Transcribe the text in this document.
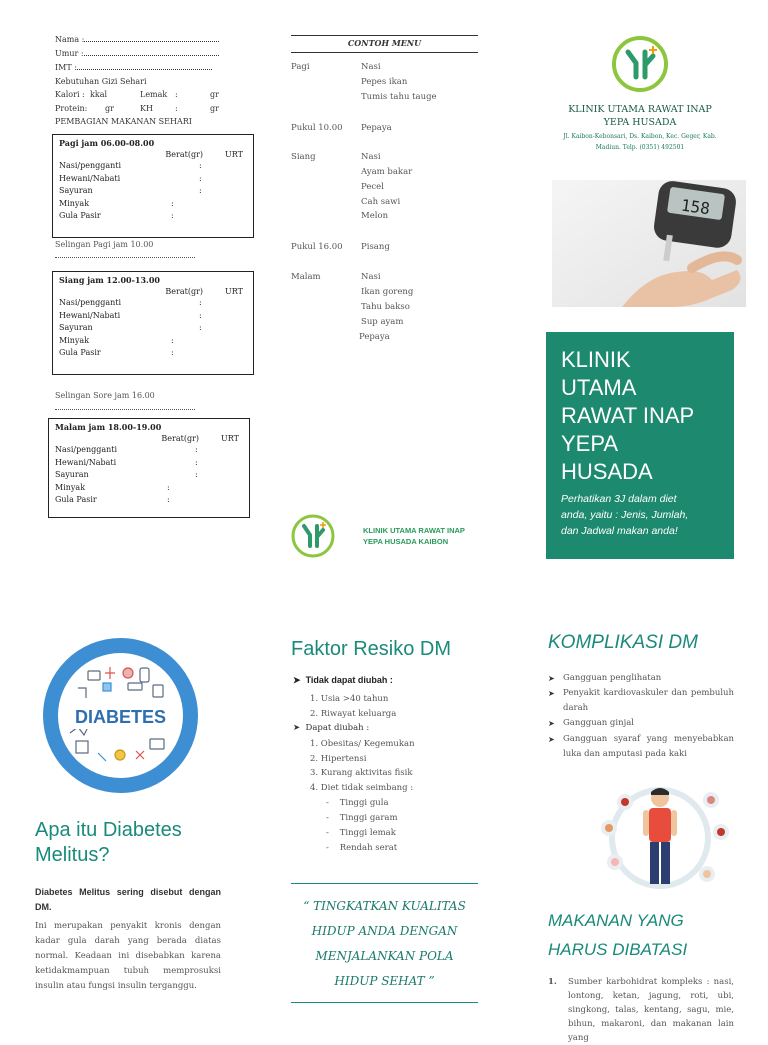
Nama :
Umur :
IMT :
Kebutuhan Gizi Sehari
Kalori : kkal	Lemak :	gr
Protein: gr	KH	:	gr
PEMBAGIAN MAKANAN SEHARI
Pagi jam 06.00-08.00
Berat(gr)	URT
Nasi/pengganti	:
Hewani/Nabati	:
Sayuran	:
Minyak	:
Gula Pasir	:
Selingan Pagi jam 10.00
Siang jam 12.00-13.00
Berat(gr)	URT
Nasi/pengganti	:
Hewani/Nabati	:
Sayuran	:
Minyak	:
Gula Pasir	:
Selingan Sore jam 16.00
Malam jam 18.00-19.00
Berat(gr)	URT
Nasi/pengganti	:
Hewani/Nabati	:
Sayuran	:
Minyak	:
Gula Pasir	:
CONTOH MENU
Pagi	Nasi
Pepes ikan
Tumis tahu tauge
Pukul 10.00 Pepaya
Siang	Nasi
Ayam bakar
Pecel
Cah sawi
Melon
Pukul 16.00 Pisang
Malam	Nasi
Ikan goreng
Tahu bakso
Sup ayam
Pepaya
KLINIK UTAMA RAWAT INAP
YEPA HUSADA KAIBON
KLINIK UTAMA RAWAT INAP
YEPA HUSADA
Jl. Kaibon-Kebonsari, Ds. Kaibon, Kec. Geger, Kab.
Madiun. Telp. (0351) 492501
158
KLINIK
UTAMA
RAWAT INAP
YEPA
HUSADA
Perhatikan 3J dalam diet
anda, yaitu : Jenis, Jumlah,
dan Jadwal makan anda!
DIABETES
Apa itu Diabetes
Melitus?
Diabetes Melitus sering disebut dengan DM.
Ini merupakan penyakit kronis dengan kadar gula darah yang berada diatas normal. Keadaan ini disebabkan karena ketidakmampuan tubuh memprosuksi insulin atau fungsi insulin terganggu.
Faktor Resiko DM
➤ Tidak dapat diubah :
1. Usia >40 tahun
2. Riwayat keluarga
➤ Dapat diubah :
1. Obesitas/ Kegemukan
2. Hipertensi
3. Kurang aktivitas fisik
4. Diet tidak seimbang :
-    Tinggi gula
-    Tinggi garam
-    Tinggi lemak
-    Rendah serat
“ TINGKATKAN KUALITAS
HIDUP ANDA DENGAN
MENJALANKAN POLA
HIDUP SEHAT ”
KOMPLIKASI DM
➤ Gangguan penglihatan
➤ Penyakit kardiovaskuler dan pembuluh darah
➤ Gangguan ginjal
➤ Gangguan syaraf yang menyebabkan luka dan amputasi pada kaki
MAKANAN YANG
HARUS DIBATASI
1.	Sumber karbohidrat kompleks : nasi, lontong, ketan, jagung, roti, ubi, singkong, talas, kentang, sagu, mie, bihun, makaroni, dan makanan lain yang
